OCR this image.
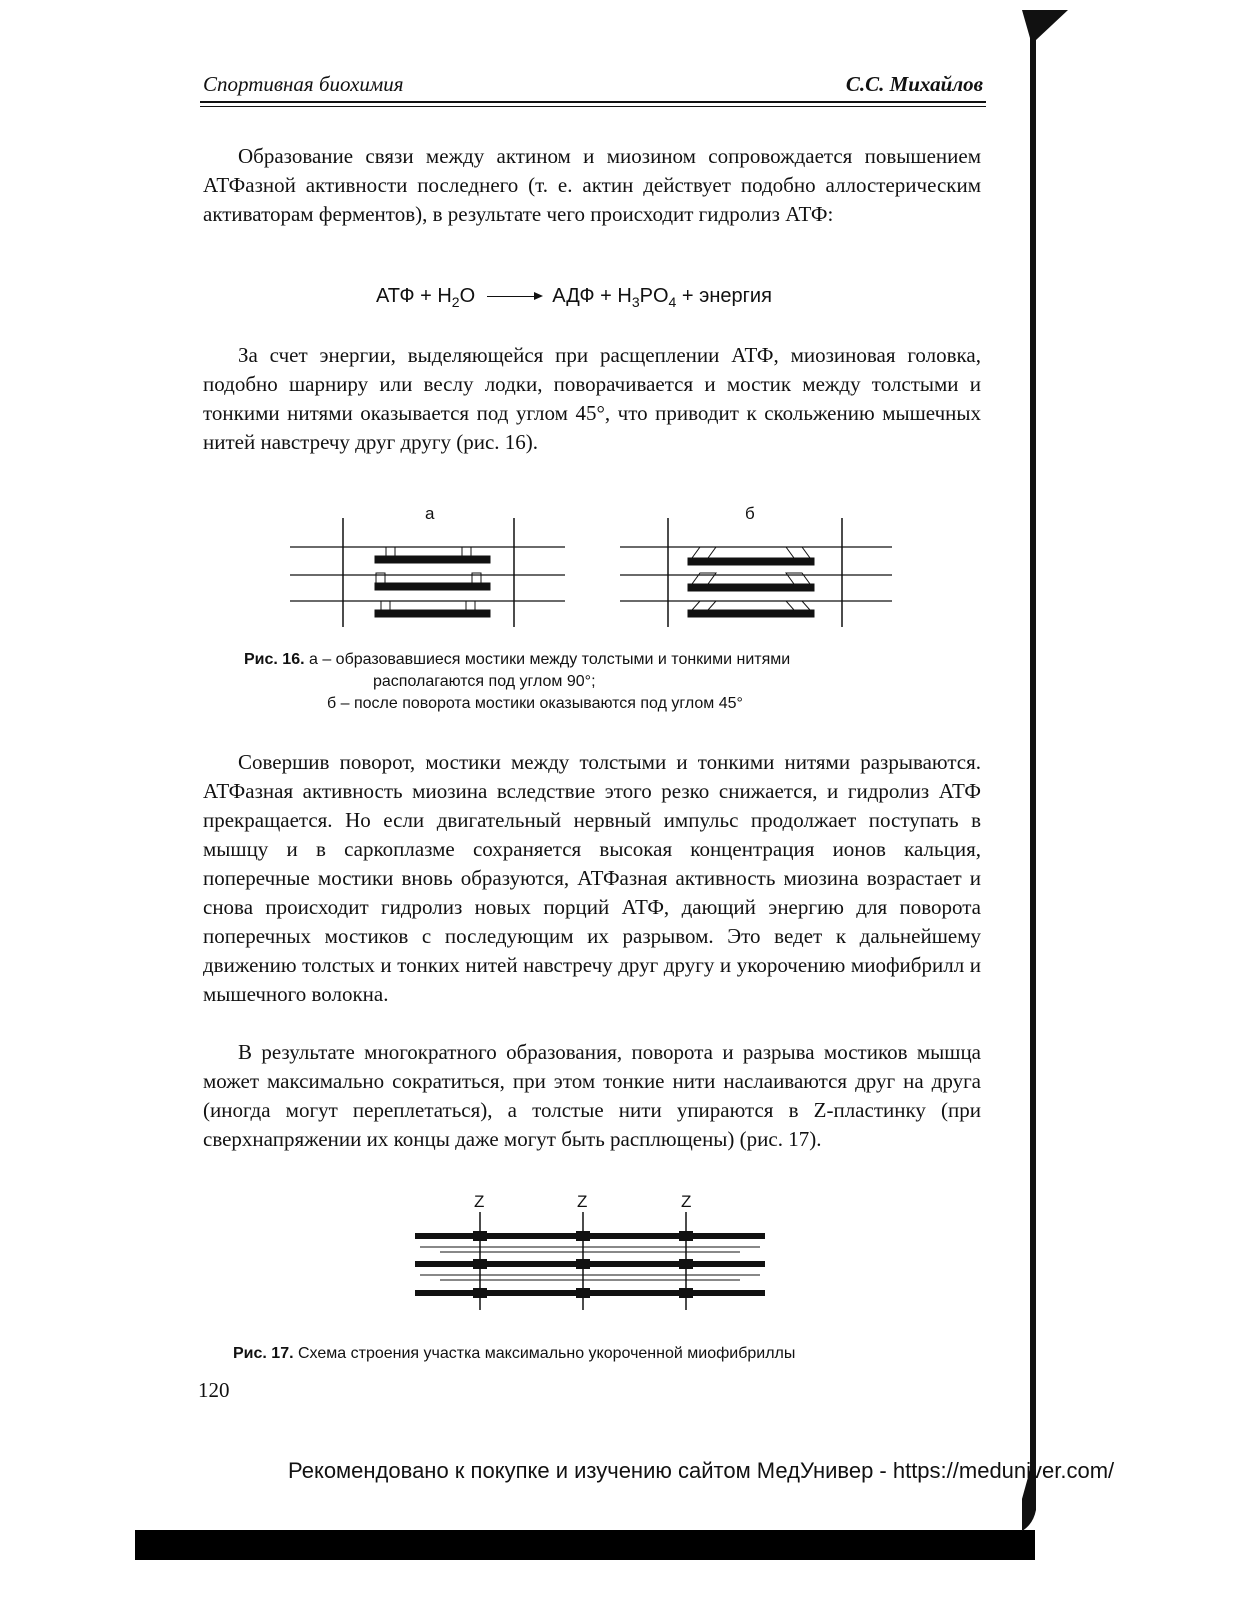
Спортивная биохимия	С.С. Михайлов

Образование связи между актином и миозином сопровождается повышением АТФазной активности последнего (т. е. актин действует подобно аллостерическим активаторам ферментов), в результате чего происходит гидролиз АТФ:

АТФ + $H_2O$ → АДФ + $H_3PO_4$ + энергия

За счет энергии, выделяющейся при расщеплении АТФ, миозиновая головка, подобно шарниру или веслу лодки, поворачивается и мостик между толстыми и тонкими нитями оказывается под углом 45°, что приводит к скольжению мышечных нитей навстречу друг другу (рис. 16).

а	б
Рис. 16. а – образовавшиеся мостики между толстыми и тонкими нитями
располагаются под углом 90°;
б – после поворота мостики оказываются под углом 45°

Совершив поворот, мостики между толстыми и тонкими нитями разрываются. АТФазная активность миозина вследствие этого резко снижается, и гидролиз АТФ прекращается. Но если двигательный нервный импульс продолжает поступать в мышцу и в саркоплазме сохраняется высокая концентрация ионов кальция, поперечные мостики вновь образуются, АТФазная активность миозина возрастает и снова происходит гидролиз новых порций АТФ, дающий энергию для поворота поперечных мостиков с последующим их разрывом. Это ведет к дальнейшему движению толстых и тонких нитей навстречу друг другу и укорочению миофибрилл и мышечного волокна.

В результате многократного образования, поворота и разрыва мостиков мышца может максимально сократиться, при этом тонкие нити наслаиваются друг на друга (иногда могут переплетаться), а толстые нити упираются в Z-пластинку (при сверхнапряжении их концы даже могут быть расплющены) (рис. 17).

Z	Z	Z
Рис. 17. Схема строения участка максимально укороченной миофибриллы
120
Рекомендовано к покупке и изучению сайтом МедУнивер - https://meduniver.com/
